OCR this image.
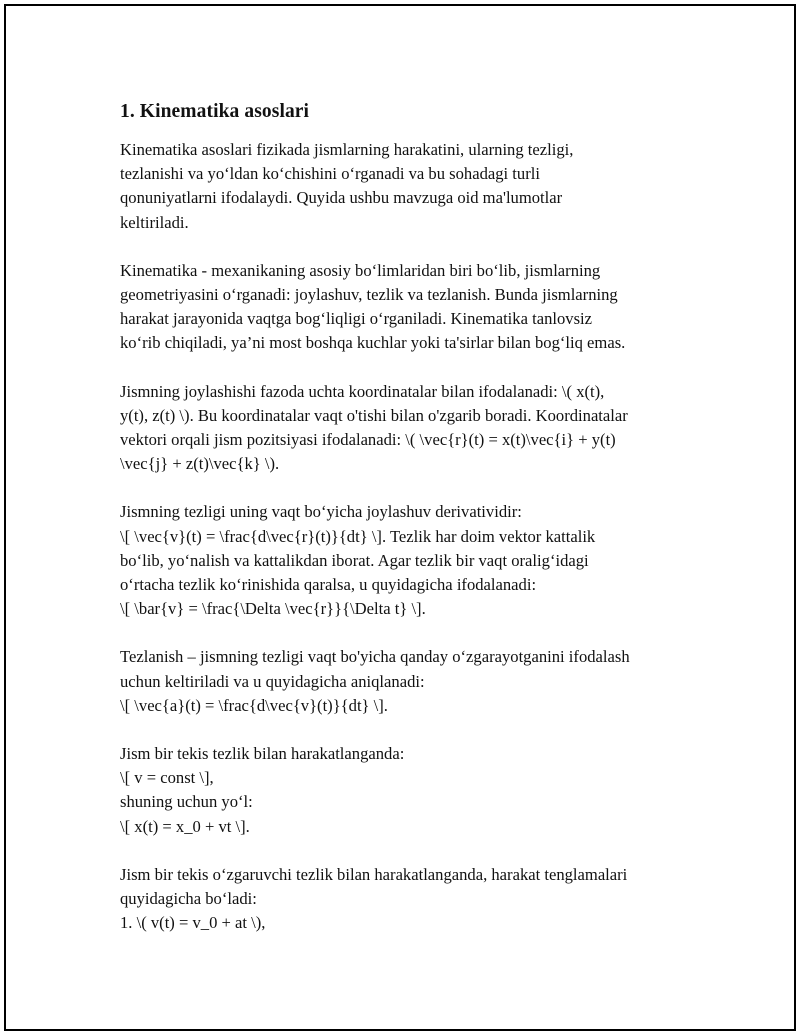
1. Kinematika asoslari
Kinematika asoslari fizikada jismlarning harakatini, ularning tezligi,
tezlanishi va yo‘ldan ko‘chishini o‘rganadi va bu sohadagi turli
qonuniyatlarni ifodalaydi. Quyida ushbu mavzuga oid ma'lumotlar
keltiriladi.
Kinematika - mexanikaning asosiy bo‘limlaridan biri bo‘lib, jismlarning
geometriyasini o‘rganadi: joylashuv, tezlik va tezlanish. Bunda jismlarning
harakat jarayonida vaqtga bog‘liqligi o‘rganiladi. Kinematika tanlovsiz
ko‘rib chiqiladi, ya’ni most boshqa kuchlar yoki ta'sirlar bilan bog‘liq emas.
Jismning joylashishi fazoda uchta koordinatalar bilan ifodalanadi: \( x(t),
y(t), z(t) \). Bu koordinatalar vaqt o'tishi bilan o'zgarib boradi. Koordinatalar
vektori orqali jism pozitsiyasi ifodalanadi: \( \vec{r}(t) = x(t)\vec{i} + y(t)
\vec{j} + z(t)\vec{k} \).
Jismning tezligi uning vaqt bo‘yicha joylashuv derivatividir:
\[ \vec{v}(t) = \frac{d\vec{r}(t)}{dt} \]. Tezlik har doim vektor kattalik
bo‘lib, yo‘nalish va kattalikdan iborat. Agar tezlik bir vaqt oralig‘idagi
o‘rtacha tezlik ko‘rinishida qaralsa, u quyidagicha ifodalanadi:
\[ \bar{v} = \frac{\Delta \vec{r}}{\Delta t} \].
Tezlanish – jismning tezligi vaqt bo'yicha qanday o‘zgarayotganini ifodalash
uchun keltiriladi va u quyidagicha aniqlanadi:
\[ \vec{a}(t) = \frac{d\vec{v}(t)}{dt} \].
Jism bir tekis tezlik bilan harakatlanganda:
\[ v = const \],
shuning uchun yo‘l:
\[ x(t) = x_0 + vt \].
Jism bir tekis o‘zgaruvchi tezlik bilan harakatlanganda, harakat tenglamalari
quyidagicha bo‘ladi:
1. \( v(t) = v_0 + at \),
